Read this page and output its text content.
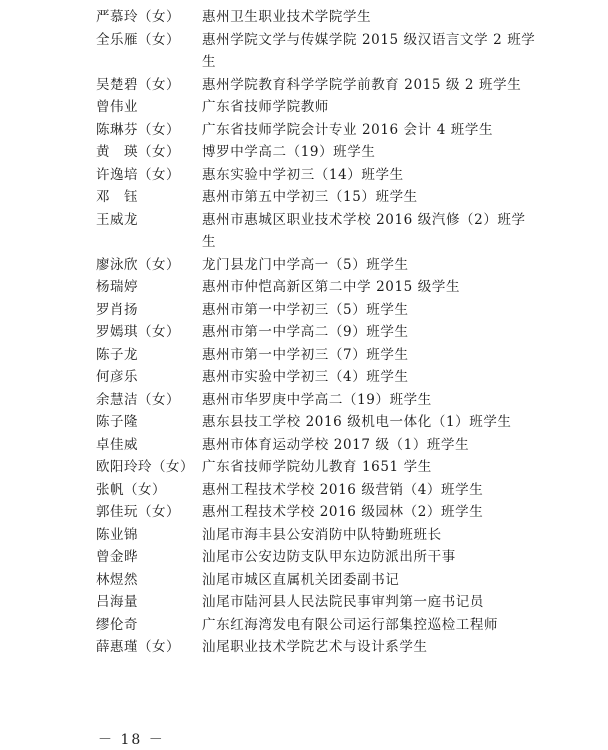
严慕玲（女）	惠州卫生职业技术学院学生
全乐雁（女）	惠州学院文学与传媒学院 2015 级汉语言文学 2 班学生
吴楚碧（女）	惠州学院教育科学学院学前教育 2015 级 2 班学生
曾伟业	广东省技师学院教师
陈琳芬（女）	广东省技师学院会计专业 2016 会计 4 班学生
黄　瑛（女）	博罗中学高二（19）班学生
许逸培（女）	惠东实验中学初三（14）班学生
邓　钰	惠州市第五中学初三（15）班学生
王威龙	惠州市惠城区职业技术学校 2016 级汽修（2）班学生
廖泳欣（女）	龙门县龙门中学高一（5）班学生
杨瑞婷	惠州市仲恺高新区第二中学 2015 级学生
罗肖扬	惠州市第一中学初三（5）班学生
罗嫣琪（女）	惠州市第一中学高二（9）班学生
陈子龙	惠州市第一中学初三（7）班学生
何彦乐	惠州市实验中学初三（4）班学生
余慧洁（女）	惠州市华罗庚中学高二（19）班学生
陈子隆	惠东县技工学校 2016 级机电一体化（1）班学生
卓佳威	惠州市体育运动学校 2017 级（1）班学生
欧阳玲玲（女） 广东省技师学院幼儿教育 1651 学生
张帆（女）	惠州工程技术学校 2016 级营销（4）班学生
郭佳玩（女）	惠州工程技术学校 2016 级园林（2）班学生
陈业锦	汕尾市海丰县公安消防中队特勤班班长
曾金晔	汕尾市公安边防支队甲东边防派出所干事
林煜然	汕尾市城区直属机关团委副书记
吕海量	汕尾市陆河县人民法院民事审判第一庭书记员
缪伦奇	广东红海湾发电有限公司运行部集控巡检工程师
薛惠瑾（女）	汕尾职业技术学院艺术与设计系学生
－ 18 －
